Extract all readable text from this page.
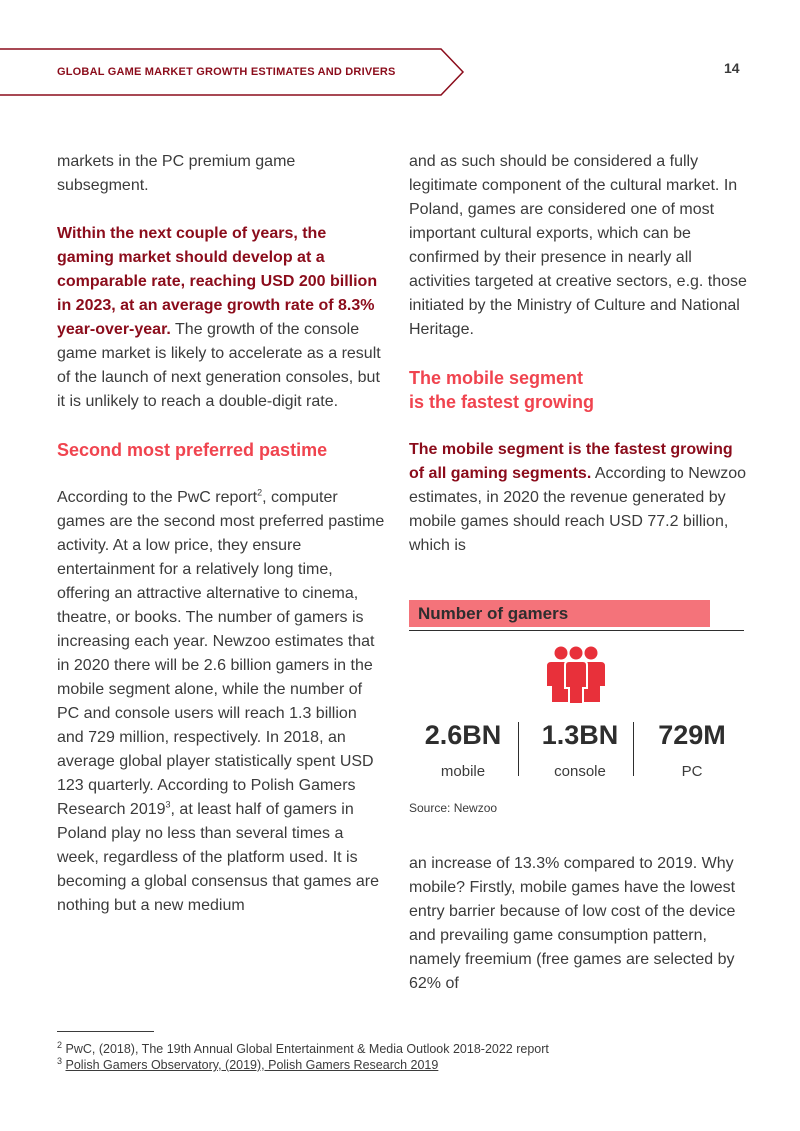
GLOBAL GAME MARKET GROWTH ESTIMATES AND DRIVERS	14

markets in the PC premium game subsegment.

Within the next couple of years, the gaming market should develop at a comparable rate, reaching USD 200 billion in 2023, at an average growth rate of 8.3% year-over-year. The growth of the console game market is likely to accelerate as a result of the launch of next generation consoles, but it is unlikely to reach a double-digit rate.

Second most preferred pastime

According to the PwC report$^2$, computer games are the second most preferred pastime activity. At a low price, they ensure entertainment for a relatively long time, offering an attractive alternative to cinema, theatre, or books. The number of gamers is increasing each year. Newzoo estimates that in 2020 there will be 2.6 billion gamers in the mobile segment alone, while the number of PC and console users will reach 1.3 billion and 729 million, respectively. In 2018, an average global player statistically spent USD 123 quarterly. According to Polish Gamers Research 2019$^3$, at least half of gamers in Poland play no less than several times a week, regardless of the platform used. It is becoming a global consensus that games are nothing but a new medium

and as such should be considered a fully legitimate component of the cultural market. In Poland, games are considered one of most important cultural exports, which can be confirmed by their presence in nearly all activities targeted at creative sectors, e.g. those initiated by the Ministry of Culture and National Heritage.

The mobile segment
is the fastest growing

The mobile segment is the fastest growing of all gaming segments. According to Newzoo estimates, in 2020 the revenue generated by mobile games should reach USD 77.2 billion, which is

Number of gamers
2.6BN
mobile
1.3BN
console
729M
PC
Source: Newzoo

an increase of 13.3% compared to 2019. Why mobile? Firstly, mobile games have the lowest entry barrier because of low cost of the device and prevailing game consumption pattern, namely freemium (free games are selected by 62% of

$^2$ PwC, (2018), The 19th Annual Global Entertainment & Media Outlook 2018-2022 report

$^3$ Polish Gamers Observatory, (2019), Polish Gamers Research 2019
